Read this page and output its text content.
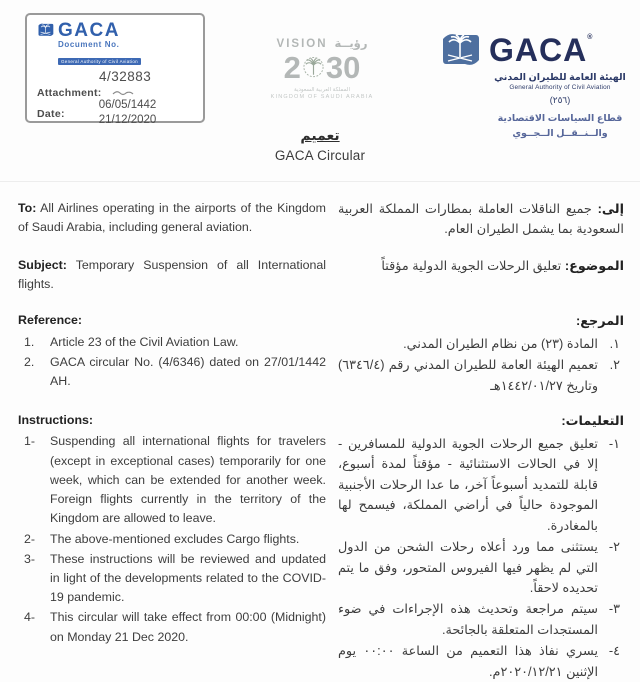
GACA
Document No.
General Authority of Civil Aviation
4/32883
Attachment:
Date:
06/05/1442
21/12/2020
VISION رؤيــة
2 30
المملكة العربية السعودية
KINGDOM OF SAUDI ARABIA
GACA®
الهيئة العامة للطيران المدني
General Authority of Civil Aviation
(٢٥٦)
قطاع السياسات الاقتصادية
والــنــقــل الــجــوي
تعميم
GACA Circular
To: All Airlines operating in the airports of the Kingdom of Saudi Arabia, including general aviation.
إلى: جميع الناقلات العاملة بمطارات المملكة العربية السعودية بما يشمل الطيران العام.
Subject: Temporary Suspension of all International flights.
الموضوع: تعليق الرحلات الجوية الدولية مؤقتاً
Reference:
1.	Article 23 of the Civil Aviation Law.
2.	GACA circular No. (4/6346) dated on 27/01/1442 AH.
المرجع:
١.
المادة (٢٣) من نظام الطيران المدني.
٢.
تعميم الهيئة العامة للطيران المدني رقم (٦٣٤٦/٤) وتاريخ ١٤٤٢/٠١/٢٧هـ
Instructions:
1-	Suspending all international flights for travelers (except in exceptional cases) temporarily for one week, which can be extended for another week. Foreign flights currently in the territory of the Kingdom are allowed to leave.
2-	The above-mentioned excludes Cargo flights.
3-	These instructions will be reviewed and updated in light of the developments related to the COVID-19 pandemic.
4-	This circular will take effect from 00:00 (Midnight) on Monday 21 Dec 2020.
التعليمات:
١-
تعليق جميع الرحلات الجوية الدولية للمسافرين - إلا في الحالات الاستثنائية - مؤقتاً لمدة أسبوع، قابلة للتمديد أسبوعاً آخر، ما عدا الرحلات الأجنبية الموجودة حالياً في أراضي المملكة، فيسمح لها بالمغادرة.
٢-
يستثنى مما ورد أعلاه رحلات الشحن من الدول التي لم يظهر فيها الفيروس المتحور، وفق ما يتم تحديده لاحقاً.
٣-
سيتم مراجعة وتحديث هذه الإجراءات في ضوء المستجدات المتعلقة بالجائحة.
٤-
يسري نفاذ هذا التعميم من الساعة ٠٠:٠٠ يوم الإثنين ٢٠٢٠/١٢/٢١م.
